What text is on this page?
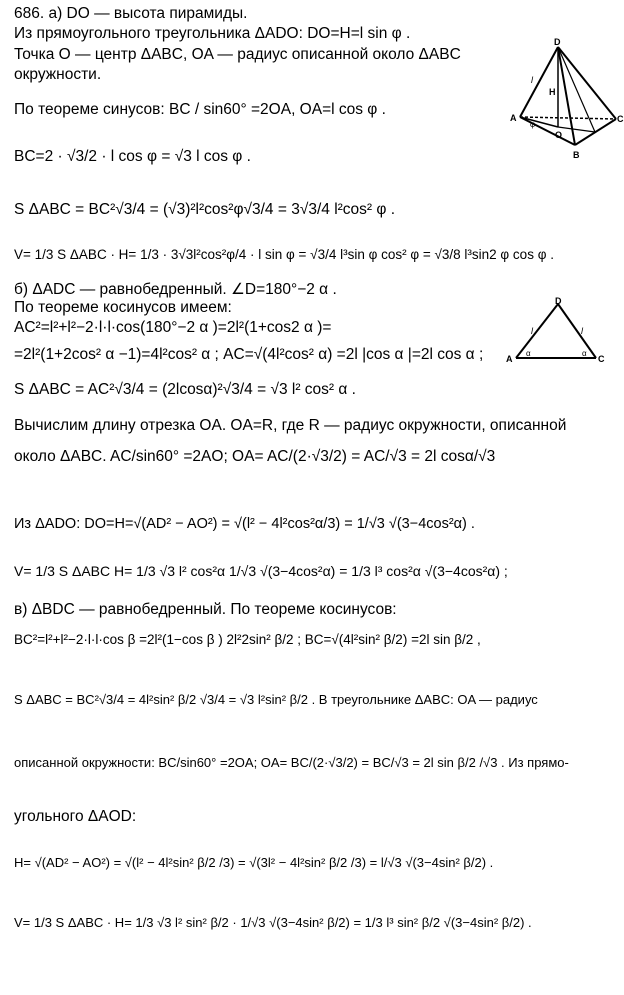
686. а) DO — высота пирамиды.
Из прямоугольного треугольника ΔADO: DO=H=l sin φ .
Точка O — центр ΔABC, OA — радиус описанной около ΔABC
окружности.
По теореме синусов: BC / sin60° =2OA, OA=l cos φ .
BC=2 · √3/2 · l cos φ = √3 l cos φ .
S ΔABC = BC²√3/4 = (√3)²l²cos²φ√3/4 = 3√3/4 l²cos² φ .
V= 1/3 S ΔABC · H= 1/3 · 3√3l²cos²φ/4 · l sin φ = √3/4 l³sin φ cos² φ = √3/8 l³sin2 φ cos φ .
б) ΔADC — равнобедренный. ∠D=180°−2 α .
По теореме косинусов имеем:
AC²=l²+l²−2·l·l·cos(180°−2 α )=2l²(1+cos2 α )=
=2l²(1+2cos² α −1)=4l²cos² α ; AC=√(4l²cos² α) =2l |cos α |=2l cos α ;
S ΔABC = AC²√3/4 = (2lcosα)²√3/4 = √3 l² cos² α .
Вычислим длину отрезка OA. OA=R, где R — радиус окружности, описанной
около ΔABC. AC/sin60° =2AO; OA= AC/(2·√3/2) = AC/√3 = 2l cosα/√3
Из ΔADO: DO=H=√(AD² − AO²) = √(l² − 4l²cos²α/3) = 1/√3 √(3−4cos²α) .
V= 1/3 S ΔABC H= 1/3 √3 l² cos²α 1/√3 √(3−4cos²α) = 1/3 l³ cos²α √(3−4cos²α) ;
в) ΔBDC — равнобедренный. По теореме косинусов:
BC²=l²+l²−2·l·l·cos β =2l²(1−cos β ) 2l²2sin² β/2 ; BC=√(4l²sin² β/2) =2l sin β/2 ,
S ΔABC = BC²√3/4 = 4l²sin² β/2 √3/4 = √3 l²sin² β/2 . В треугольнике ΔABC: OA — радиус
описанной окружности: BC/sin60° =2OA; OA= BC/(2·√3/2) = BC/√3 = 2l sin β/2 /√3 . Из прямо-
угольного ΔAOD:
H= √(AD² − AO²) = √(l² − 4l²sin² β/2 /3) = √(3l² − 4l²sin² β/2 /3) = l/√3 √(3−4sin² β/2) .
V= 1/3 S ΔABC · H= 1/3 √3 l² sin² β/2 · 1/√3 √(3−4sin² β/2) = 1/3 l³ sin² β/2 √(3−4sin² β/2) .
D
A
B
C
O
H
l
φ
D
A	C
l	l
α	α
